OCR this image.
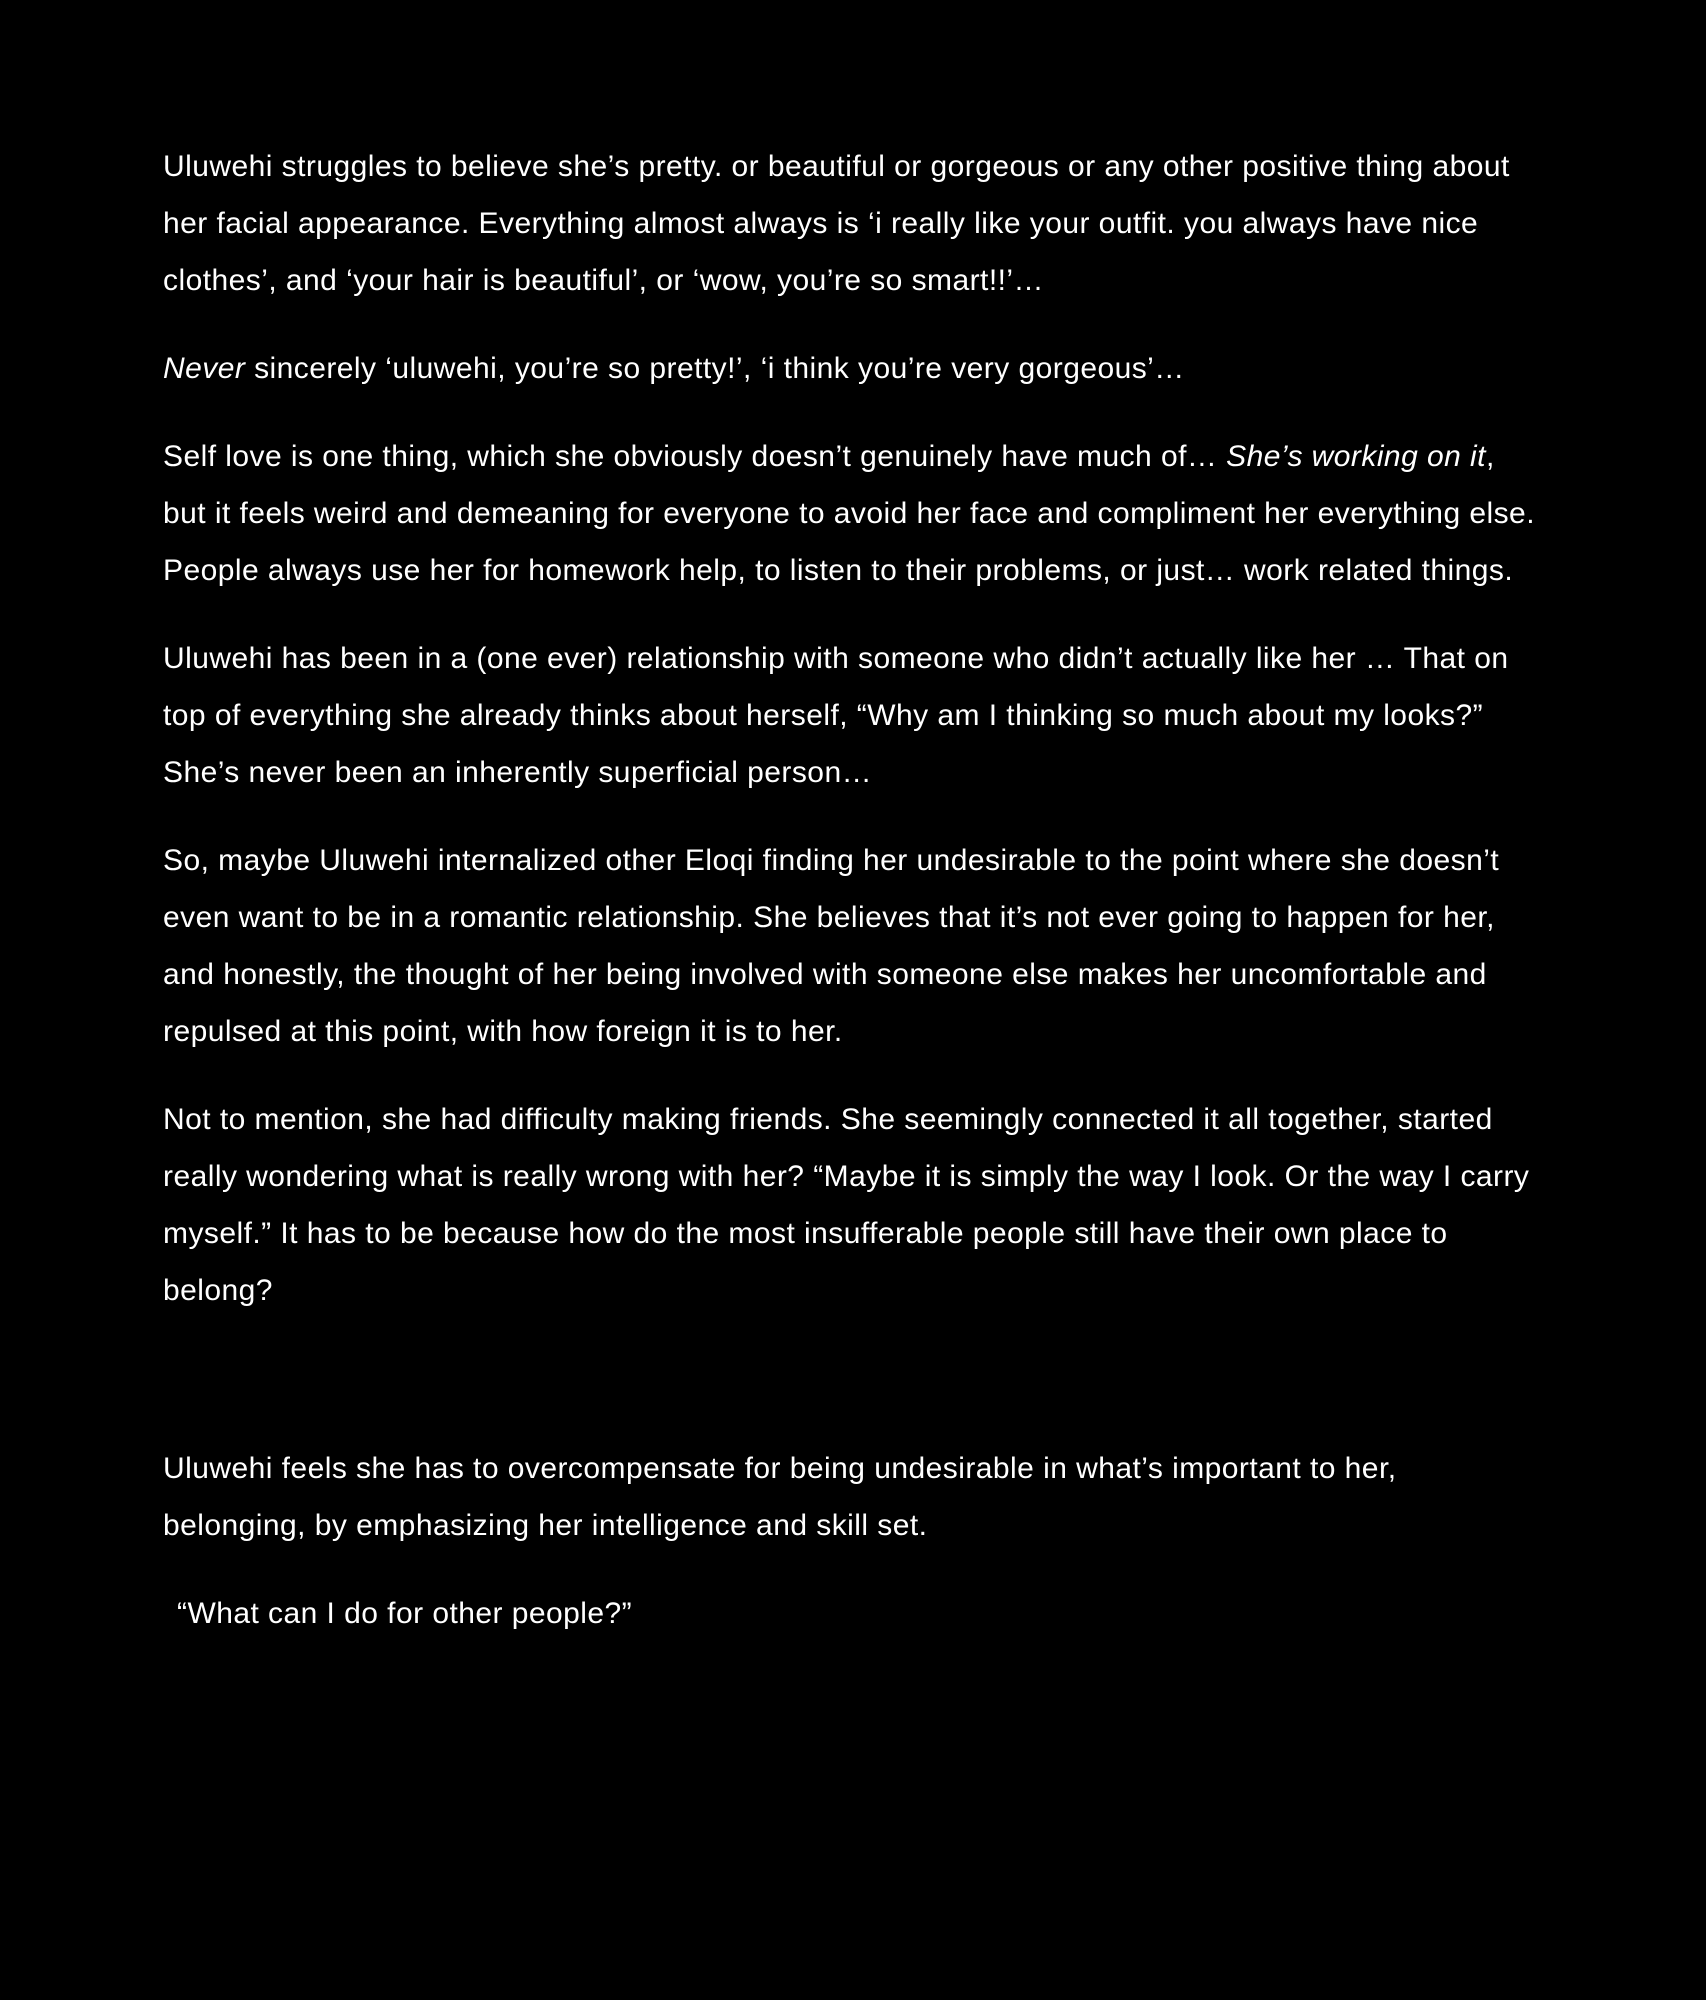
Uluwehi struggles to believe she’s pretty. or beautiful or gorgeous or any other positive thing about her facial appearance. Everything almost always is ‘i really like your outfit. you always have nice clothes’, and ‘your hair is beautiful’, or ‘wow, you’re so smart!!’…

Never sincerely ‘uluwehi, you’re so pretty!’, ‘i think you’re very gorgeous’…

Self love is one thing, which she obviously doesn’t genuinely have much of… She’s working on it, but it feels weird and demeaning for everyone to avoid her face and compliment her everything else. People always use her for homework help, to listen to their problems, or just… work related things.

Uluwehi has been in a (one ever) relationship with someone who didn’t actually like her … That on top of everything she already thinks about herself, “Why am I thinking so much about my looks?” She’s never been an inherently superficial person…

So, maybe Uluwehi internalized other Eloqi finding her undesirable to the point where she doesn’t even want to be in a romantic relationship. She believes that it’s not ever going to happen for her, and honestly, the thought of her being involved with someone else makes her uncomfortable and repulsed at this point, with how foreign it is to her.

Not to mention, she had difficulty making friends. She seemingly connected it all together, started really wondering what is really wrong with her? “Maybe it is simply the way I look. Or the way I carry myself.” It has to be because how do the most insufferable people still have their own place to belong?

Uluwehi feels she has to overcompensate for being undesirable in what’s important to her, belonging, by emphasizing her intelligence and skill set.

“What can I do for other people?”
